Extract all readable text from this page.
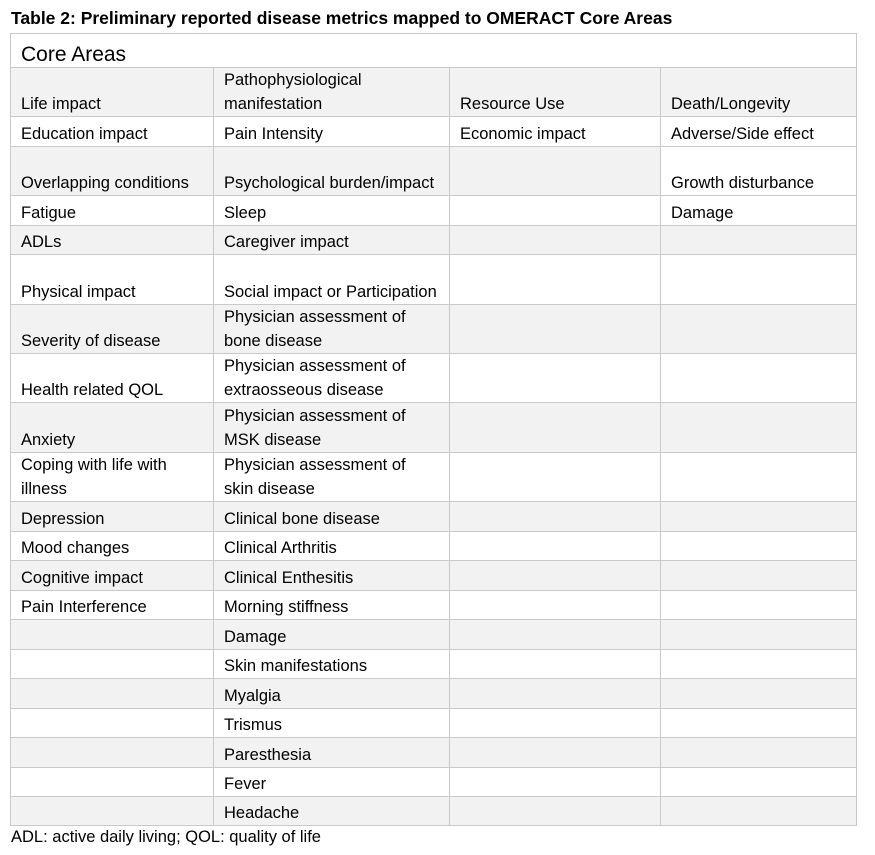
Table 2: Preliminary reported disease metrics mapped to OMERACT Core Areas
Core Areas			
Life impact	Pathophysiological manifestation	Resource Use	Death/Longevity
Education impact	Pain Intensity	Economic impact	Adverse/Side effect
Overlapping conditions	Psychological burden/impact		Growth disturbance
Fatigue	Sleep		Damage
ADLs	Caregiver impact		
Physical impact	Social impact or Participation		
Severity of disease	Physician assessment of bone disease		
Health related QOL	Physician assessment of extraosseous disease		
Anxiety	Physician assessment of MSK disease		
Coping with life with illness	Physician assessment of skin disease		
Depression	Clinical bone disease		
Mood changes	Clinical Arthritis		
Cognitive impact	Clinical Enthesitis		
Pain Interference	Morning stiffness		
	Damage		
	Skin manifestations		
	Myalgia		
	Trismus		
	Paresthesia		
	Fever		
	Headache		
ADL: active daily living; QOL: quality of life
